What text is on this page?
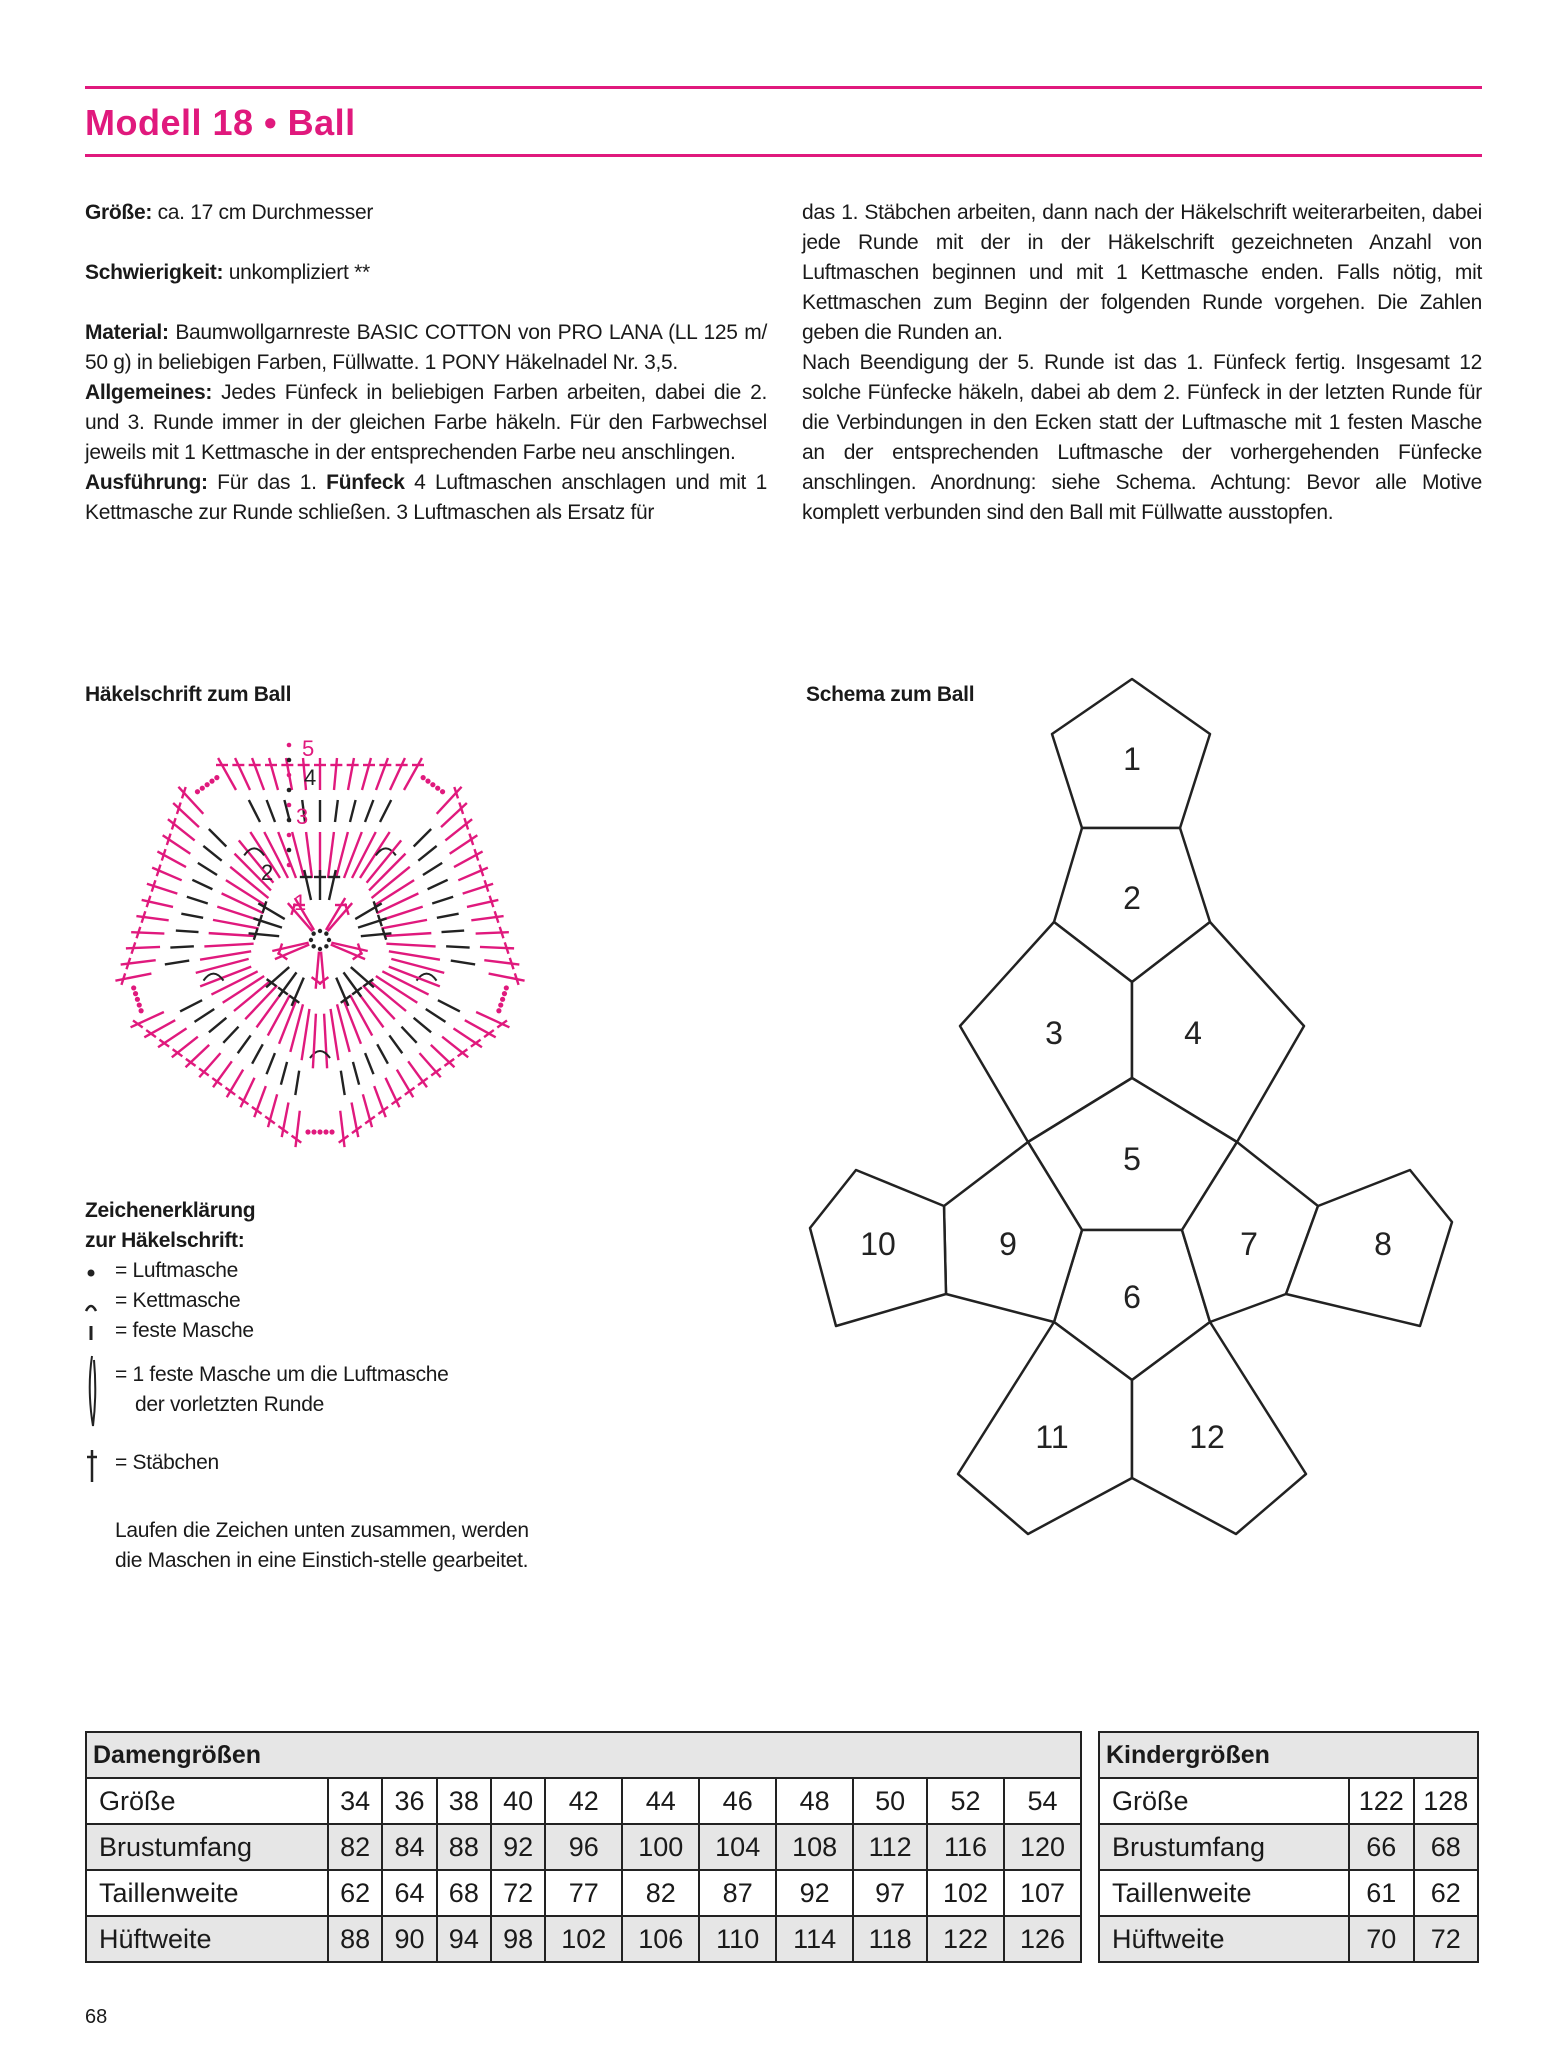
Modell 18 • Ball

Größe: ca. 17 cm Durchmesser

Schwierigkeit: unkompliziert **

Material: Baumwollgarnreste BASIC COTTON von PRO LANA (LL 125 m/ 50 g) in beliebigen Farben, Füllwatte. 1 PONY Häkelnadel Nr. 3,5.

Allgemeines: Jedes Fünfeck in beliebigen Farben arbeiten, dabei die 2. und 3. Runde immer in der gleichen Farbe häkeln. Für den Farbwechsel jeweils mit 1 Kettmasche in der entsprechenden Farbe neu anschlingen.

Ausführung: Für das 1. Fünfeck 4 Luftmaschen anschlagen und mit 1 Kettmasche zur Runde schließen. 3 Luftmaschen als Ersatz für

das 1. Stäbchen arbeiten, dann nach der Häkelschrift weiterarbeiten, dabei jede Runde mit der in der Häkelschrift gezeichneten Anzahl von Luftmaschen beginnen und mit 1 Kettmasche enden. Falls nötig, mit Kettmaschen zum Beginn der folgenden Runde vorgehen. Die Zahlen geben die Runden an.

Nach Beendigung der 5. Runde ist das 1. Fünfeck fertig. Insgesamt 12 solche Fünfecke häkeln, dabei ab dem 2. Fünfeck in der letzten Runde für die Verbindungen in den Ecken statt der Luftmasche mit 1 festen Masche an der entsprechenden Luftmasche der vorhergehenden Fünfecke anschlingen. Anordnung: siehe Schema. Achtung: Bevor alle Motive komplett verbunden sind den Ball mit Füllwatte ausstopfen.

Häkelschrift zum Ball
5
4
3
2
1
Zeichenerklärung
zur Häkelschrift:
= Luftmasche
= Kettmasche
= feste Masche
= 1 feste Masche um die Luftmasche
der vorletzten Runde
= Stäbchen
Laufen die Zeichen unten zusammen, werden die Maschen in eine Einstich-stelle gearbeitet.
Schema zum Ball
1
2
3	4
5
6
7	8
9
10
11	12
Damengrößen											
Größe	34	36	38	40	42	44	46	48	50	52	54
Brustumfang	82	84	88	92	96	100	104	108	112	116	120
Taillenweite	62	64	68	72	77	82	87	92	97	102	107
Hüftweite	88	90	94	98	102	106	110	114	118	122	126
Kindergrößen		
Größe	122	128
Brustumfang	66	68
Taillenweite	61	62
Hüftweite	70	72
68
